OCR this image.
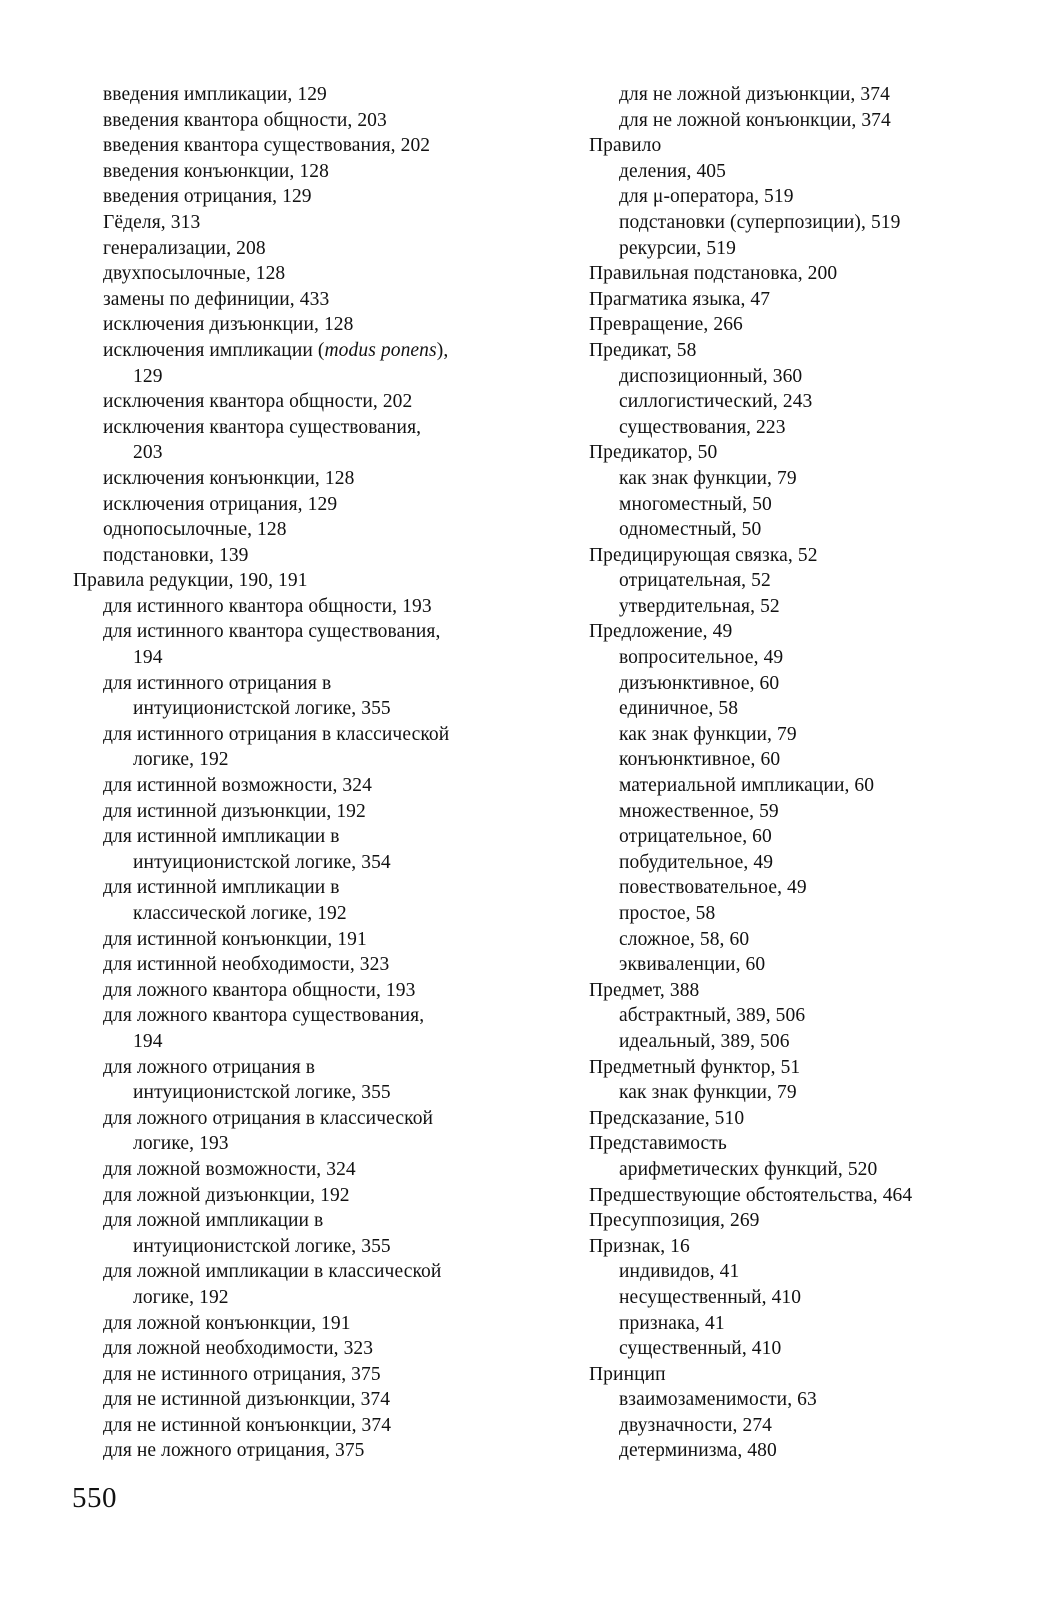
введения импликации, 129
введения квантора общности, 203
введения квантора существования, 202
введения конъюнкции, 128
введения отрицания, 129
Гёделя, 313
генерализации, 208
двухпосылочные, 128
замены по дефиниции, 433
исключения дизъюнкции, 128
исключения импликации (modus ponens),
129
исключения квантора общности, 202
исключения квантора существования,
203
исключения конъюнкции, 128
исключения отрицания, 129
однопосылочные, 128
подстановки, 139
Правила редукции, 190, 191
для истинного квантора общности, 193
для истинного квантора существования,
194
для истинного отрицания в
интуиционистской логике, 355
для истинного отрицания в классической
логике, 192
для истинной возможности, 324
для истинной дизъюнкции, 192
для истинной импликации в
интуиционистской логике, 354
для истинной импликации в
классической логике, 192
для истинной конъюнкции, 191
для истинной необходимости, 323
для ложного квантора общности, 193
для ложного квантора существования,
194
для ложного отрицания в
интуиционистской логике, 355
для ложного отрицания в классической
логике, 193
для ложной возможности, 324
для ложной дизъюнкции, 192
для ложной импликации в
интуиционистской логике, 355
для ложной импликации в классической
логике, 192
для ложной конъюнкции, 191
для ложной необходимости, 323
для не истинного отрицания, 375
для не истинной дизъюнкции, 374
для не истинной конъюнкции, 374
для не ложного отрицания, 375
для не ложной дизъюнкции, 374
для не ложной конъюнкции, 374
Правило
деления, 405
для μ-оператора, 519
подстановки (суперпозиции), 519
рекурсии, 519
Правильная подстановка, 200
Прагматика языка, 47
Превращение, 266
Предикат, 58
диспозиционный, 360
силлогистический, 243
существования, 223
Предикатор, 50
как знак функции, 79
многоместный, 50
одноместный, 50
Предицирующая связка, 52
отрицательная, 52
утвердительная, 52
Предложение, 49
вопросительное, 49
дизъюнктивное, 60
единичное, 58
как знак функции, 79
конъюнктивное, 60
материальной импликации, 60
множественное, 59
отрицательное, 60
побудительное, 49
повествовательное, 49
простое, 58
сложное, 58, 60
эквиваленции, 60
Предмет, 388
абстрактный, 389, 506
идеальный, 389, 506
Предметный функтор, 51
как знак функции, 79
Предсказание, 510
Представимость
арифметических функций, 520
Предшествующие обстоятельства, 464
Пресуппозиция, 269
Признак, 16
индивидов, 41
несущественный, 410
признака, 41
существенный, 410
Принцип
взаимозаменимости, 63
двузначности, 274
детерминизма, 480
550
